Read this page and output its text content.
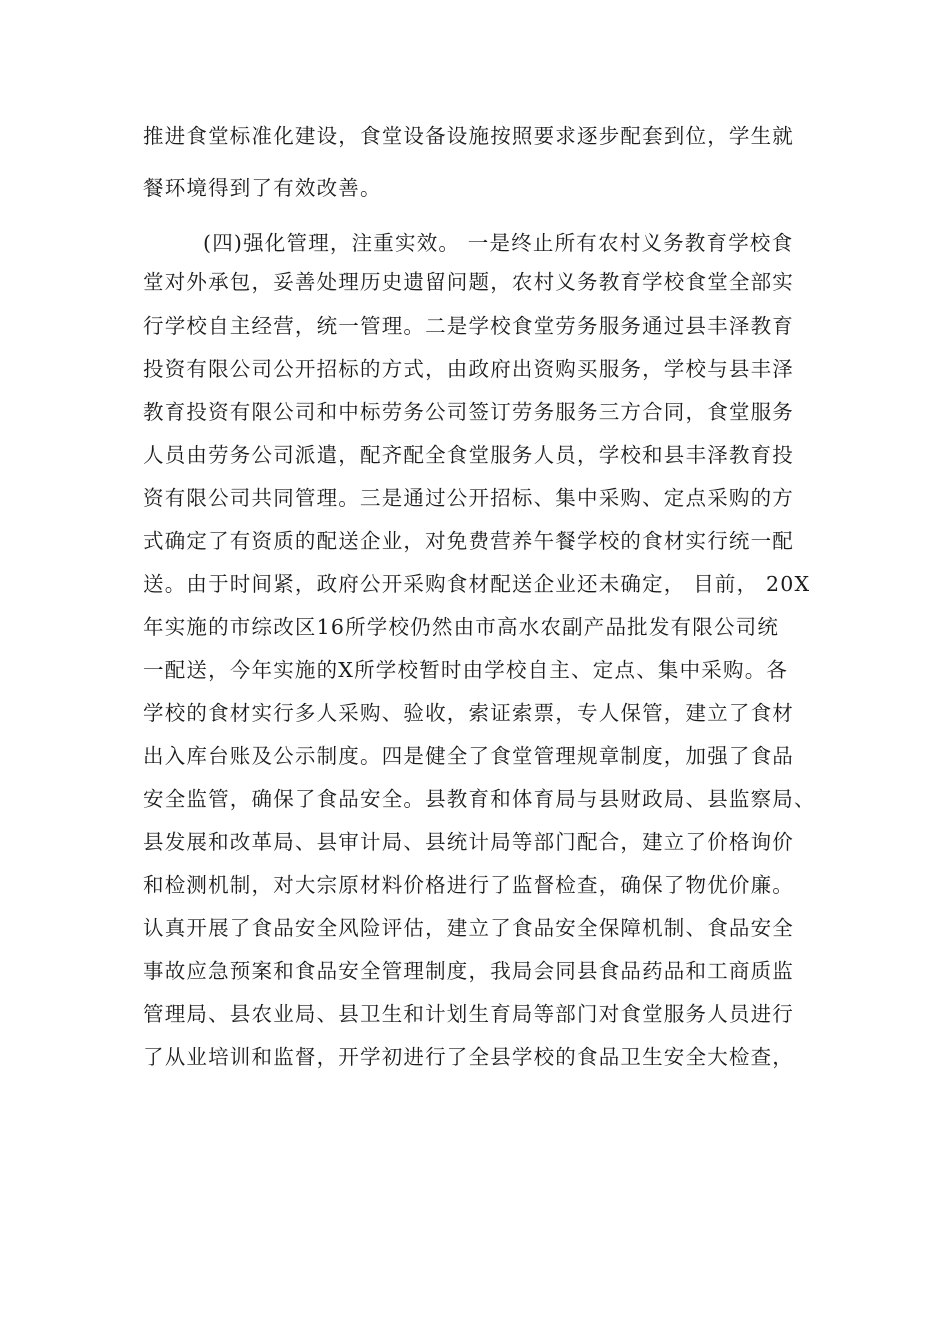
推进食堂标准化建设，食堂设备设施按照要求逐步配套到位，学生就
餐环境得到了有效改善。
(四)强化管理，注重实效。 一是终止所有农村义务教育学校食
堂对外承包，妥善处理历史遗留问题，农村义务教育学校食堂全部实
行学校自主经营，统一管理。二是学校食堂劳务服务通过县丰泽教育
投资有限公司公开招标的方式，由政府出资购买服务，学校与县丰泽
教育投资有限公司和中标劳务公司签订劳务服务三方合同，食堂服务
人员由劳务公司派遣，配齐配全食堂服务人员，学校和县丰泽教育投
资有限公司共同管理。三是通过公开招标、集中采购、定点采购的方
式确定了有资质的配送企业，对免费营养午餐学校的食材实行统一配
送。由于时间紧，政府公开采购食材配送企业还未确定， 目前， 20X
年实施的市综改区16所学校仍然由市高水农副产品批发有限公司统
一配送，今年实施的X所学校暂时由学校自主、定点、集中采购。各
学校的食材实行多人采购、验收，索证索票，专人保管，建立了食材
出入库台账及公示制度。四是健全了食堂管理规章制度，加强了食品
安全监管，确保了食品安全。县教育和体育局与县财政局、县监察局、
县发展和改革局、县审计局、县统计局等部门配合，建立了价格询价
和检测机制，对大宗原材料价格进行了监督检查，确保了物优价廉。
认真开展了食品安全风险评估，建立了食品安全保障机制、食品安全
事故应急预案和食品安全管理制度，我局会同县食品药品和工商质监
管理局、县农业局、县卫生和计划生育局等部门对食堂服务人员进行
了从业培训和监督，开学初进行了全县学校的食品卫生安全大检查，
